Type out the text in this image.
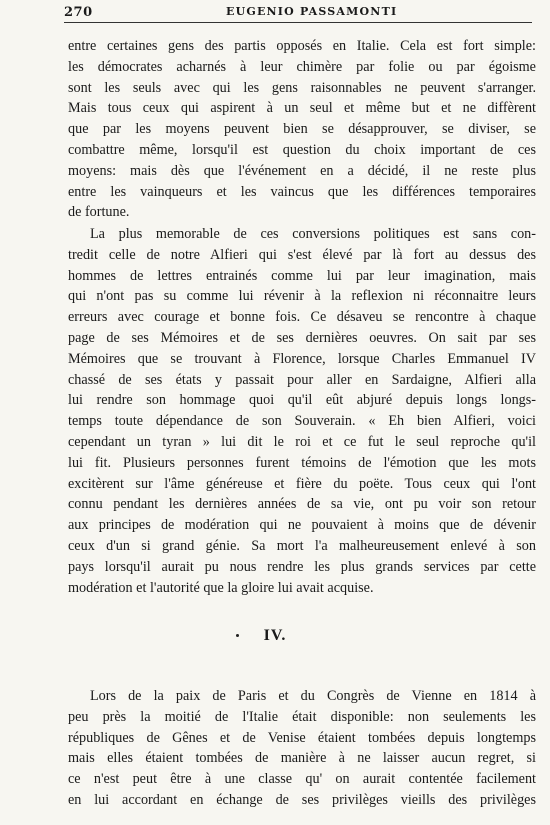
270	EUGENIO PASSAMONTI
entre certaines gens des partis opposés en Italie. Cela est fort simple:
les démocrates acharnés à leur chimère par folie ou par égoisme
sont les seuls avec qui les gens raisonnables ne peuvent s'arranger.
Mais tous ceux qui aspirent à un seul et même but et ne diffèrent
que par les moyens peuvent bien se désapprouver, se diviser, se
combattre même, lorsqu'il est question du choix important de ces
moyens: mais dès que l'événement en a décidé, il ne reste plus
entre les vainqueurs et les vaincus que les différences temporaires
de fortune.
La plus memorable de ces conversions politiques est sans con-
tredit celle de notre Alfieri qui s'est élevé par là fort au dessus des
hommes de lettres entrainés comme lui par leur imagination, mais
qui n'ont pas su comme lui révenir à la reflexion ni réconnaitre leurs
erreurs avec courage et bonne fois. Ce désaveu se rencontre à chaque
page de ses Mémoires et de ses dernières oeuvres. On sait par ses
Mémoires que se trouvant à Florence, lorsque Charles Emmanuel IV
chassé de ses états y passait pour aller en Sardaigne, Alfieri alla
lui rendre son hommage quoi qu'il eût abjuré depuis longs longs-
temps toute dépendance de son Souverain. « Eh bien Alfieri, voici
cependant un tyran » lui dit le roi et ce fut le seul reproche qu'il
lui fit. Plusieurs personnes furent témoins de l'émotion que les mots
excitèrent sur l'âme généreuse et fière du poëte. Tous ceux qui l'ont
connu pendant les dernières années de sa vie, ont pu voir son retour
aux principes de modération qui ne pouvaient à moins que de dévenir
ceux d'un si grand génie. Sa mort l'a malheureusement enlevé à son
pays lorsqu'il aurait pu nous rendre les plus grands services par cette
modération et l'autorité que la gloire lui avait acquise.
IV.
Lors de la paix de Paris et du Congrès de Vienne en 1814 à
peu près la moitié de l'Italie était disponible: non seulements les
républiques de Gênes et de Venise étaient tombées depuis longtemps
mais elles étaient tombées de manière à ne laisser aucun regret, si
ce n'est peut être à une classe qu' on aurait contentée facilement
en lui accordant en échange de ses privilèges vieills des privilèges
